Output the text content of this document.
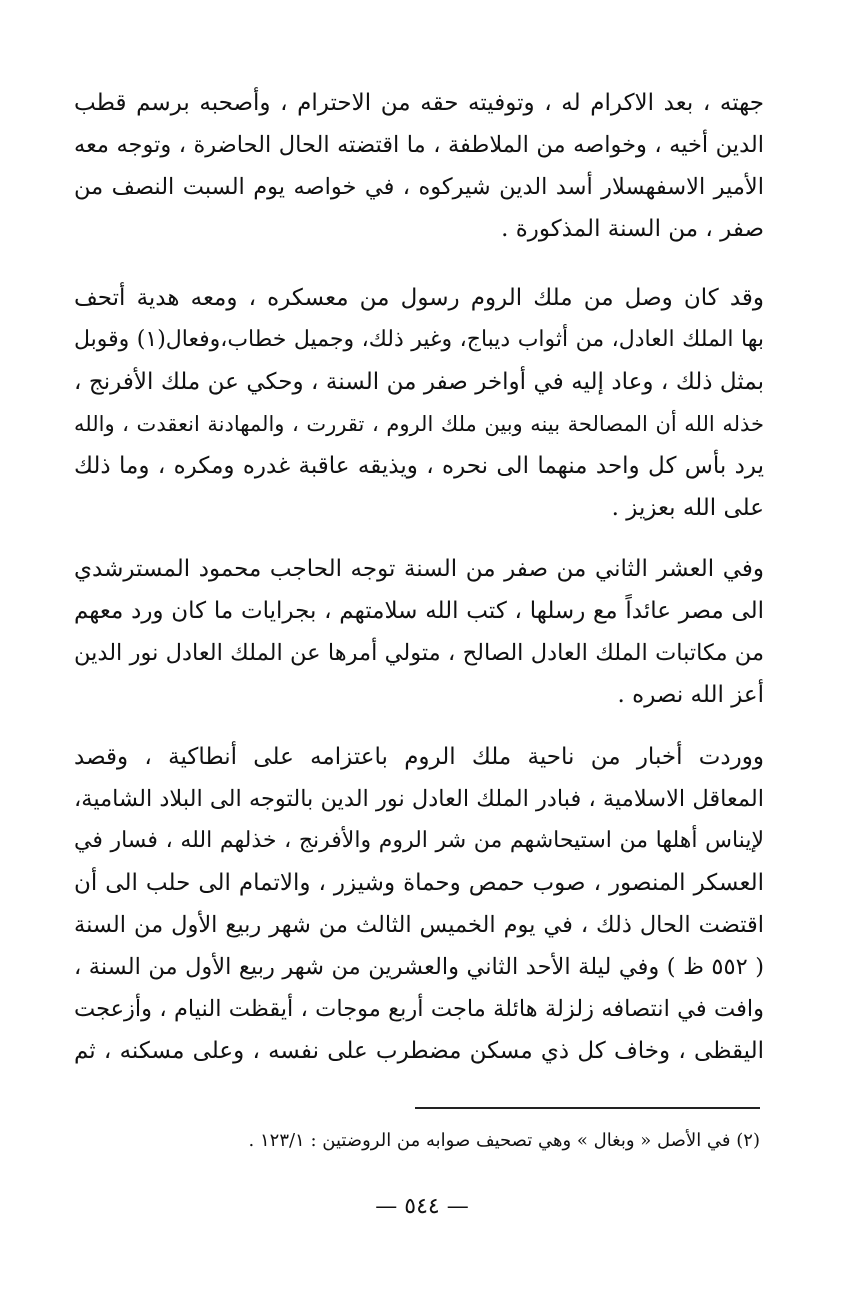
جهته ، بعد الاكرام له ، وتوفيته حقه من الاحترام ، وأصحبه برسم قطب
الدين أخيه ، وخواصه من الملاطفة ، ما اقتضته الحال الحاضرة ، وتوجه معه
الأمير الاسفهسلار أسد الدين شيركوه ، في خواصه يوم السبت النصف من
صفر ، من السنة المذكورة .
وقد كان وصل من ملك الروم رسول من معسكره ، ومعه هدية أتحف
بها الملك العادل، من أثواب ديباج، وغير ذلك، وجميل خطاب،وفعال(١) وقوبل
بمثل ذلك ، وعاد إليه في أواخر صفر من السنة ، وحكي عن ملك الأفرنج ،
خذله الله أن المصالحة بينه وبين ملك الروم ، تقررت ، والمهادنة انعقدت ، والله
يرد بأس كل واحد منهما الى نحره ، ويذيقه عاقبة غدره ومكره ، وما ذلك
على الله بعزيز .
وفي العشر الثاني من صفر من السنة توجه الحاجب محمود المسترشدي
الى مصر عائداً مع رسلها ، كتب الله سلامتهم ، بجرايات ما كان ورد معهم
من مكاتبات الملك العادل الصالح ، متولي أمرها عن الملك العادل نور الدين
أعز الله نصره .
ووردت أخبار من ناحية ملك الروم باعتزامه على أنطاكية ، وقصد
المعاقل الاسلامية ، فبادر الملك العادل نور الدين بالتوجه الى البلاد الشامية،
لإيناس أهلها من استيحاشهم من شر الروم والأفرنج ، خذلهم الله ، فسار في
العسكر المنصور ، صوب حمص وحماة وشيزر ، والاتمام الى حلب الى أن
اقتضت الحال ذلك ، في يوم الخميس الثالث من شهر ربيع الأول من السنة
( ٥٥٢ ظ ) وفي ليلة الأحد الثاني والعشرين من شهر ربيع الأول من السنة ،
وافت في انتصافه زلزلة هائلة ماجت أربع موجات ، أيقظت النيام ، وأزعجت
اليقظى ، وخاف كل ذي مسكن مضطرب على نفسه ، وعلى مسكنه ، ثم
(٢) في الأصل « وبغال » وهي تصحيف صوابه من الروضتين : ١٢٣/١ .
— ٥٤٤ —
